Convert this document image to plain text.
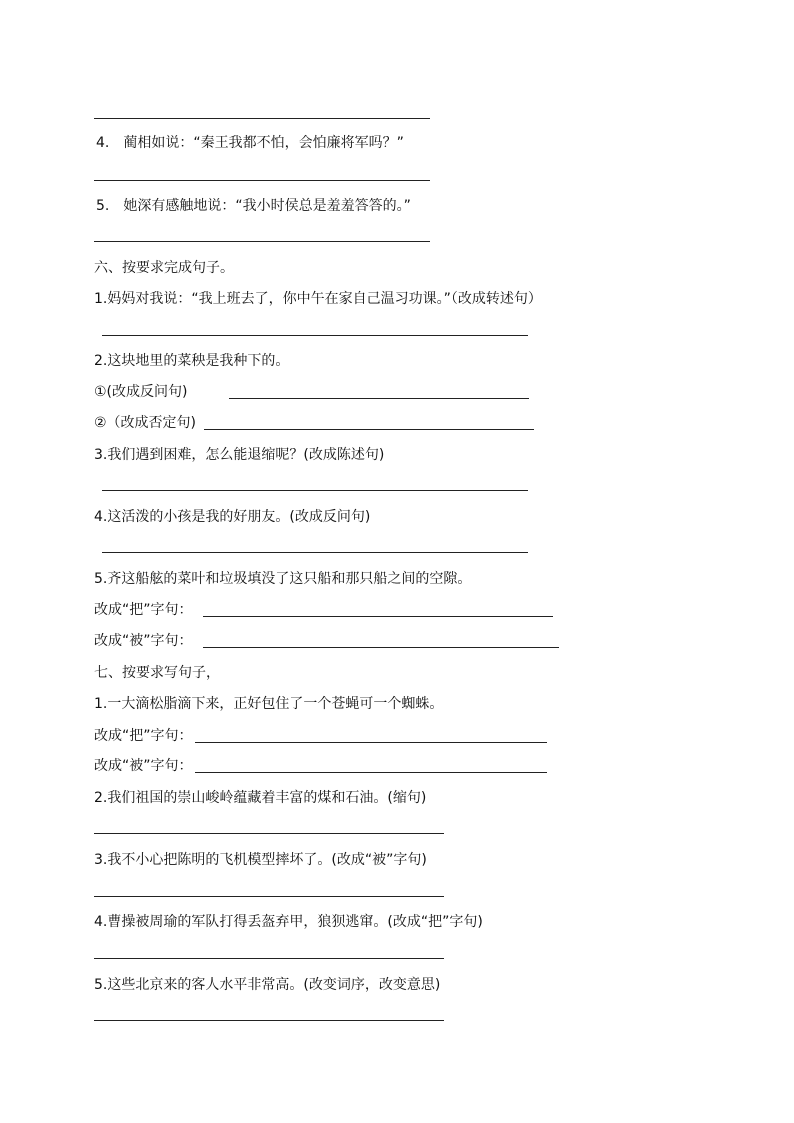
4.　蔺相如说：“秦王我都不怕，会怕廉将军吗？”
5.　她深有感触地说：“我小时侯总是羞羞答答的。”
六、按要求完成句子。
1.妈妈对我说：“我上班去了，你中午在家自己温习功课。”（改成转述句）
2.这块地里的菜秧是我种下的。
①(改成反问句)
②（改成否定句)
3.我们遇到困难，怎么能退缩呢？(改成陈述句)
4.这活泼的小孩是我的好朋友。(改成反问句)
5.齐这船舷的菜叶和垃圾填没了这只船和那只船之间的空隙。
改成“把”字句：
改成“被”字句：
七、按要求写句子，
1.一大滴松脂滴下来，正好包住了一个苍蝇可一个蜘蛛。
改成“把”字句：
改成“被”字句：
2.我们祖国的崇山峻岭蕴藏着丰富的煤和石油。(缩句)
3.我不小心把陈明的飞机模型摔坏了。(改成“被”字句)
4.曹操被周瑜的军队打得丢盔弃甲，狼狈逃窜。(改成“把”字句)
5.这些北京来的客人水平非常高。(改变词序，改变意思)
